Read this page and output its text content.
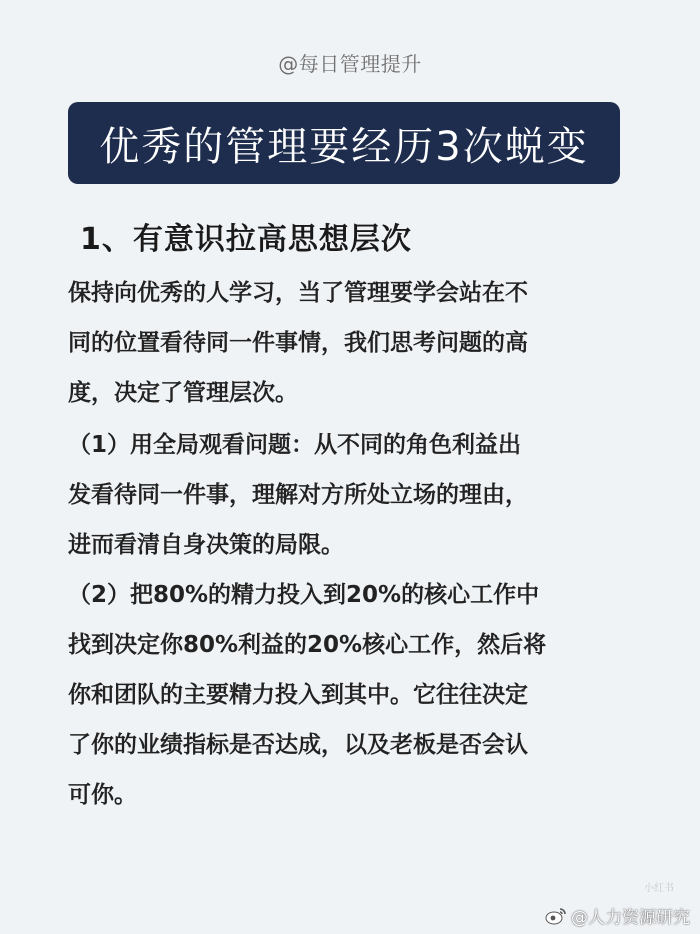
@每日管理提升
优秀的管理要经历3次蜕变
1、有意识拉高思想层次
保持向优秀的人学习，当了管理要学会站在不
同的位置看待同一件事情，我们思考问题的高
度，决定了管理层次。
（1）用全局观看问题：从不同的角色利益出
发看待同一件事，理解对方所处立场的理由，
进而看清自身决策的局限。
（2）把80%的精力投入到20%的核心工作中
找到决定你80%利益的20%核心工作，然后将
你和团队的主要精力投入到其中。它往往决定
了你的业绩指标是否达成，以及老板是否会认
可你。
小红书
@人力资源研究
